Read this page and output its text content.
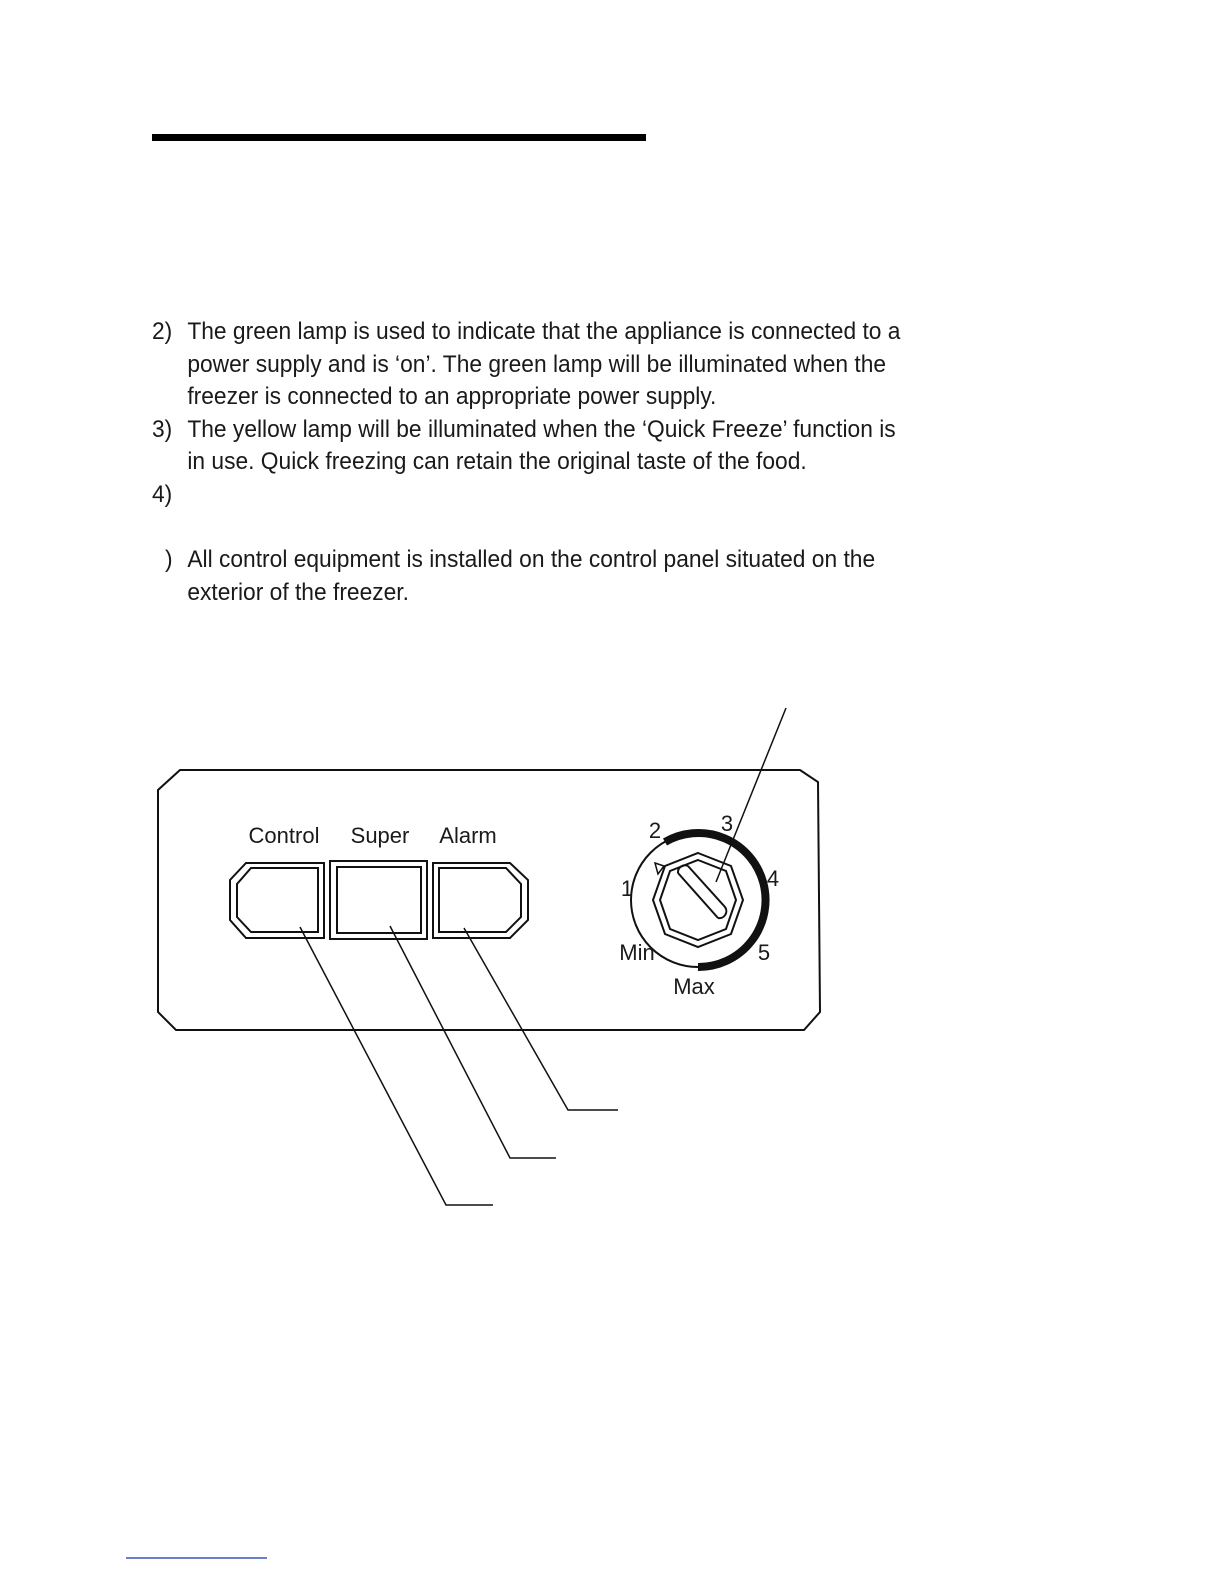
2) The green lamp is used to indicate that the appliance is connected to a
power supply and is ‘on’. The green lamp will be illuminated when the
freezer is connected to an appropriate power supply.
3) The yellow lamp will be illuminated when the ‘Quick Freeze’ function is
in use. Quick freezing can retain the original taste of the food.
4)

) All control equipment is installed on the control panel situated on the
exterior of the freezer.
Control Super Alarm
1
2	3
4
5
Min
Max
